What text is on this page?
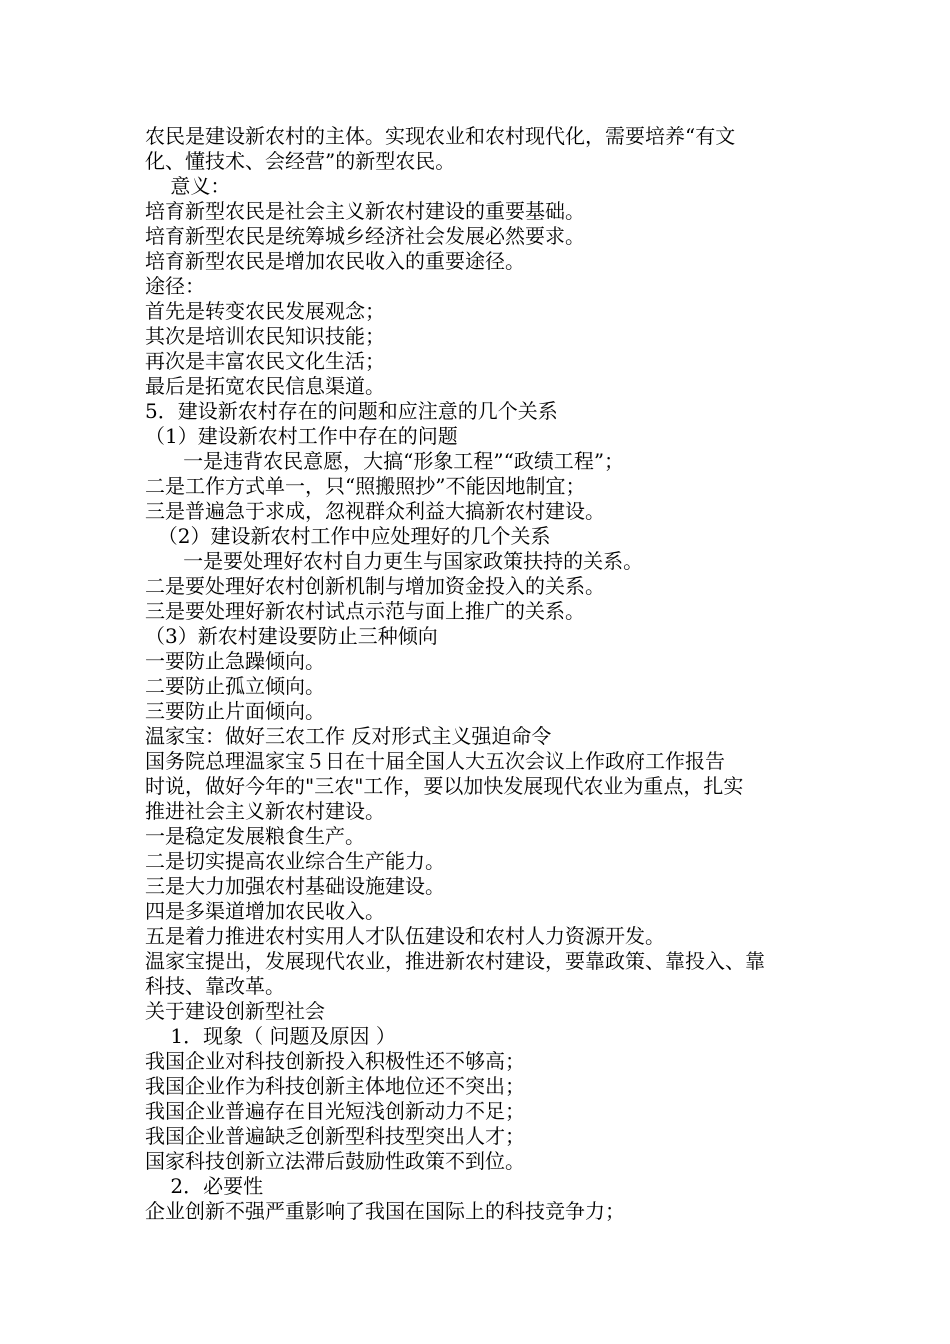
农民是建设新农村的主体。实现农业和农村现代化，需要培养“有文
化、懂技术、会经营”的新型农民。
意义：
培育新型农民是社会主义新农村建设的重要基础。
培育新型农民是统筹城乡经济社会发展必然要求。
培育新型农民是增加农民收入的重要途径。
途径：
首先是转变农民发展观念；
其次是培训农民知识技能；
再次是丰富农民文化生活；
最后是拓宽农民信息渠道。
5．建设新农村存在的问题和应注意的几个关系
（1）建设新农村工作中存在的问题
一是违背农民意愿，大搞“形象工程”“政绩工程”；
二是工作方式单一，只“照搬照抄”不能因地制宜；
三是普遍急于求成，忽视群众利益大搞新农村建设。
（2）建设新农村工作中应处理好的几个关系
一是要处理好农村自力更生与国家政策扶持的关系。
二是要处理好农村创新机制与增加资金投入的关系。
三是要处理好新农村试点示范与面上推广的关系。
（3）新农村建设要防止三种倾向
一要防止急躁倾向。
二要防止孤立倾向。
三要防止片面倾向。
温家宝：做好三农工作 反对形式主义强迫命令
国务院总理温家宝５日在十届全国人大五次会议上作政府工作报告
时说，做好今年的"三农"工作，要以加快发展现代农业为重点，扎实
推进社会主义新农村建设。
一是稳定发展粮食生产。
二是切实提高农业综合生产能力。
三是大力加强农村基础设施建设。
四是多渠道增加农民收入。
五是着力推进农村实用人才队伍建设和农村人力资源开发。
温家宝提出，发展现代农业，推进新农村建设，要靠政策、靠投入、靠
科技、靠改革。
关于建设创新型社会
1．现象（ 问题及原因 ）
我国企业对科技创新投入积极性还不够高；
我国企业作为科技创新主体地位还不突出；
我国企业普遍存在目光短浅创新动力不足；
我国企业普遍缺乏创新型科技型突出人才；
国家科技创新立法滞后鼓励性政策不到位。
2．必要性
企业创新不强严重影响了我国在国际上的科技竞争力；
